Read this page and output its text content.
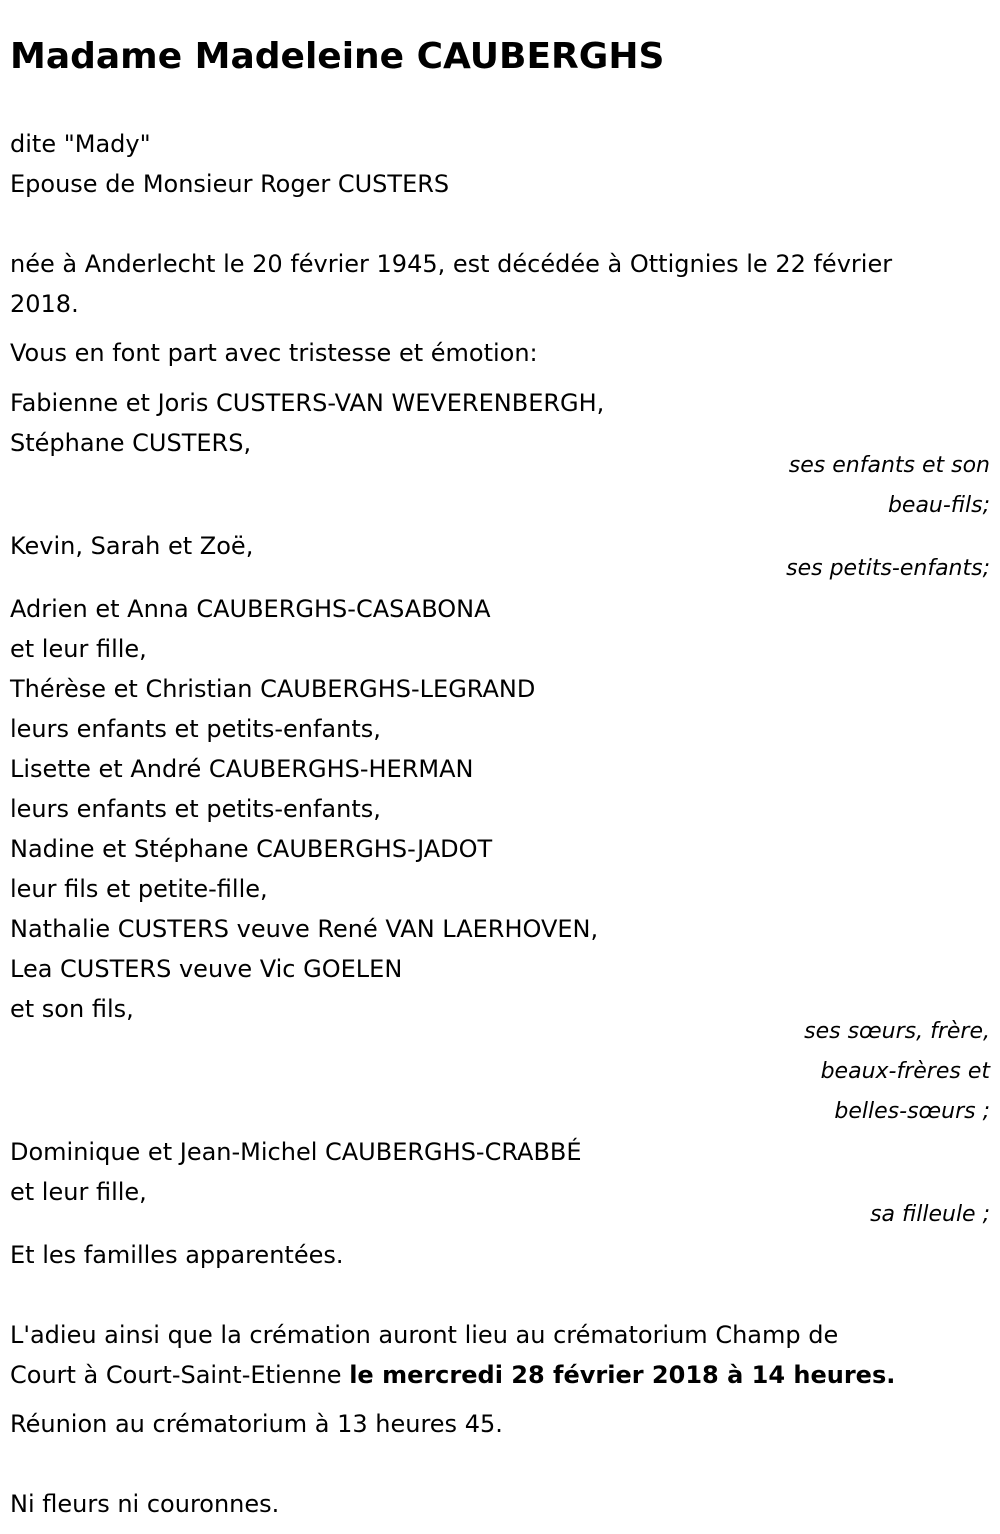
Madame Madeleine CAUBERGHS

dite "Mady"

Epouse de Monsieur Roger CUSTERS

née à Anderlecht le 20 février 1945, est décédée à Ottignies le 22 février

2018.

Vous en font part avec tristesse et émotion:

Fabienne et Joris CUSTERS-VAN WEVERENBERGH,

Stéphane CUSTERS,

ses enfants et son

beau-fils;

Kevin, Sarah et Zoë,

ses petits-enfants;

Adrien et Anna CAUBERGHS-CASABONA

et leur fille,

Thérèse et Christian CAUBERGHS-LEGRAND

leurs enfants et petits-enfants,

Lisette et André CAUBERGHS-HERMAN

leurs enfants et petits-enfants,

Nadine et Stéphane CAUBERGHS-JADOT

leur fils et petite-fille,

Nathalie CUSTERS veuve René VAN LAERHOVEN,

Lea CUSTERS veuve Vic GOELEN

et son fils,

ses sœurs, frère,

beaux-frères et

belles-sœurs ;

Dominique et Jean-Michel CAUBERGHS-CRABBÉ

et leur fille,

sa filleule ;

Et les familles apparentées.

L'adieu ainsi que la crémation auront lieu au crématorium Champ de

Court à Court-Saint-Etienne le mercredi 28 février 2018 à 14 heures.

Réunion au crématorium à 13 heures 45.

Ni fleurs ni couronnes.
